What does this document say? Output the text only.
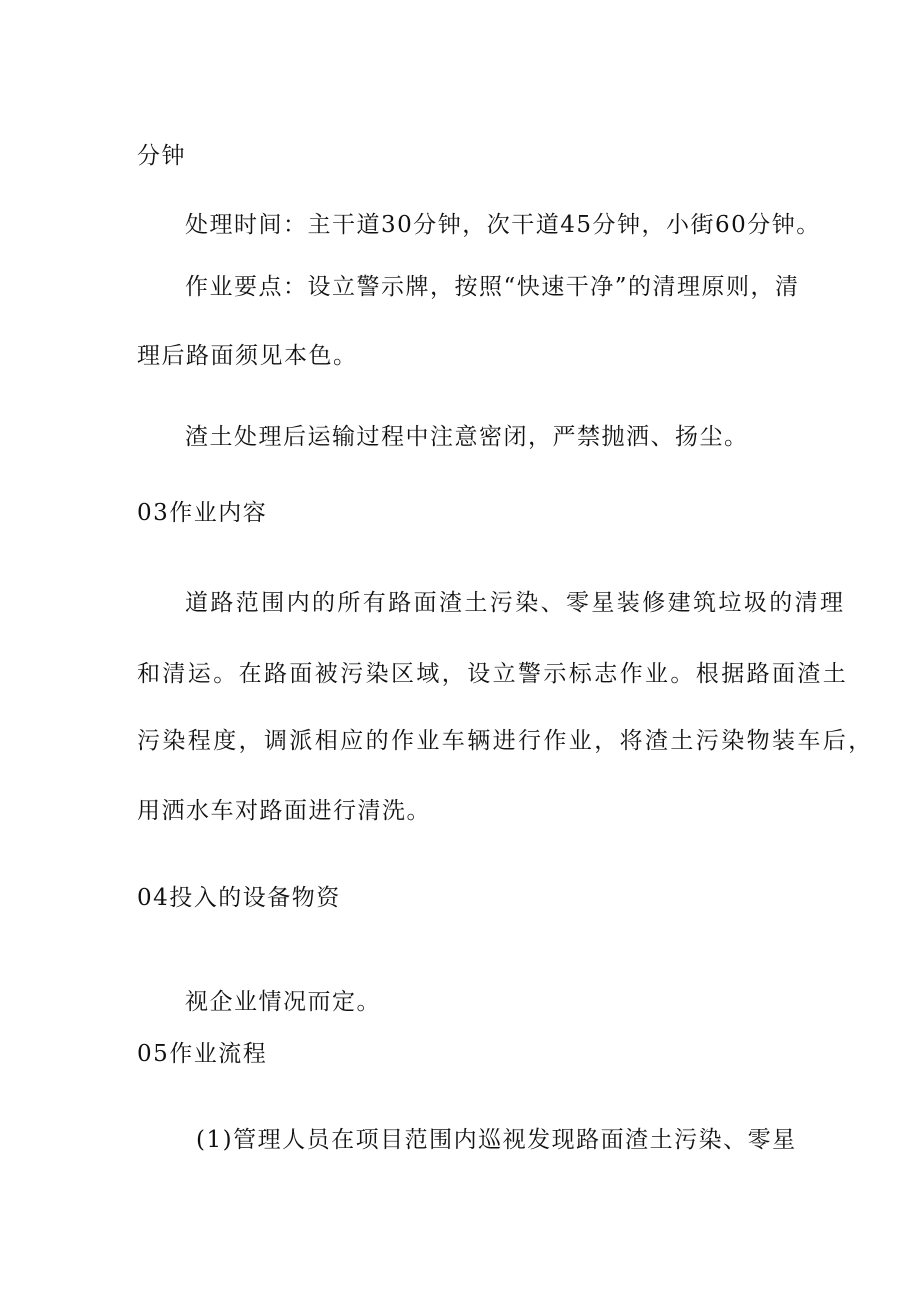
分钟
处理时间：主干道30分钟，次干道45分钟，小街60分钟。
作业要点：设立警示牌，按照“快速干净”的清理原则，清
理后路面须见本色。
渣土处理后运输过程中注意密闭，严禁抛洒、扬尘。
03作业内容
道路范围内的所有路面渣土污染、零星装修建筑垃圾的清理
和清运。在路面被污染区域，设立警示标志作业。根据路面渣土
污染程度，调派相应的作业车辆进行作业，将渣土污染物装车后，
用洒水车对路面进行清洗。
04投入的设备物资
视企业情况而定。
05作业流程
(1)管理人员在项目范围内巡视发现路面渣土污染、零星
